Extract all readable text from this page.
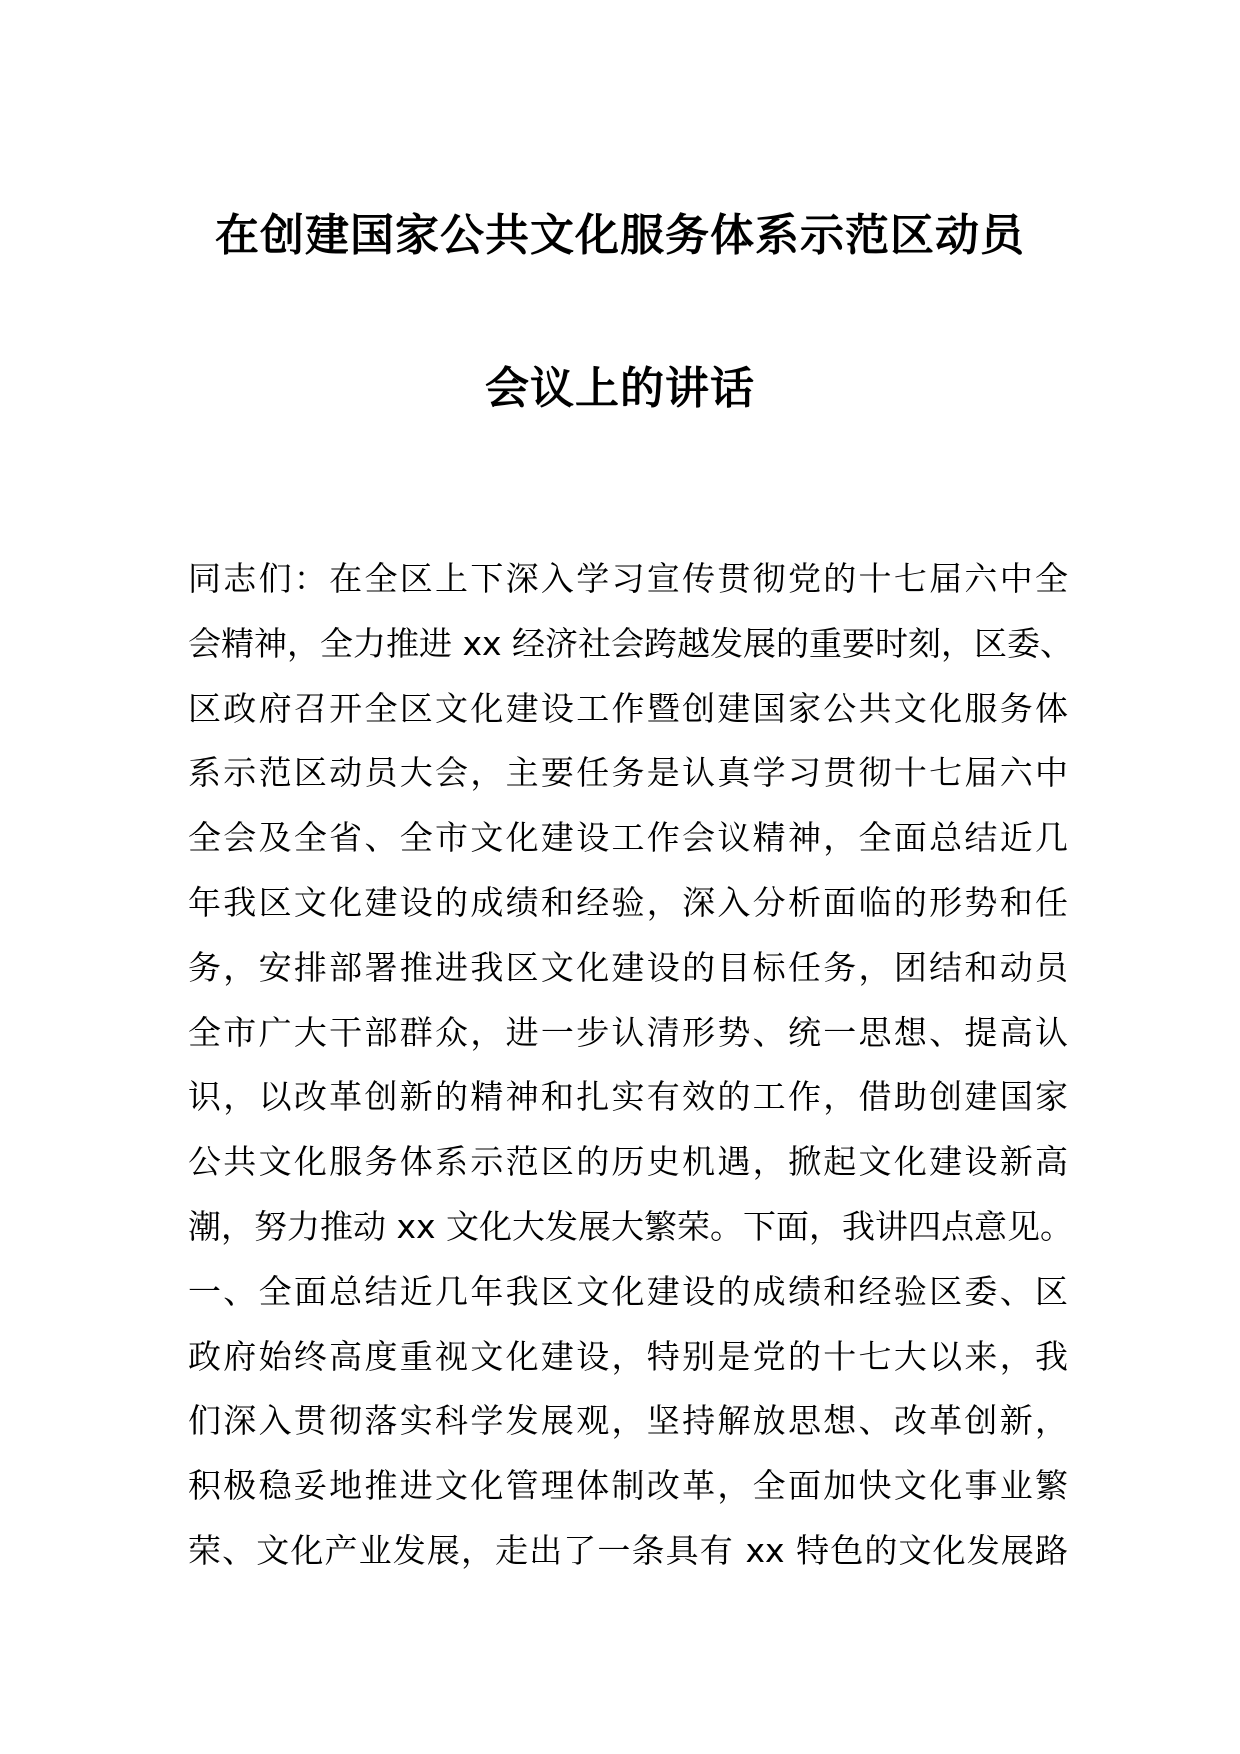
在创建国家公共文化服务体系示范区动员
会议上的讲话
同志们：在全区上下深入学习宣传贯彻党的十七届六中全
会精神，全力推进 xx 经济社会跨越发展的重要时刻，区委、
区政府召开全区文化建设工作暨创建国家公共文化服务体
系示范区动员大会，主要任务是认真学习贯彻十七届六中
全会及全省、全市文化建设工作会议精神，全面总结近几
年我区文化建设的成绩和经验，深入分析面临的形势和任
务，安排部署推进我区文化建设的目标任务，团结和动员
全市广大干部群众，进一步认清形势、统一思想、提高认
识，以改革创新的精神和扎实有效的工作，借助创建国家
公共文化服务体系示范区的历史机遇，掀起文化建设新高
潮，努力推动 xx 文化大发展大繁荣。下面，我讲四点意见。
一、全面总结近几年我区文化建设的成绩和经验区委、区
政府始终高度重视文化建设，特别是党的十七大以来，我
们深入贯彻落实科学发展观，坚持解放思想、改革创新，
积极稳妥地推进文化管理体制改革，全面加快文化事业繁
荣、文化产业发展，走出了一条具有 xx 特色的文化发展路
